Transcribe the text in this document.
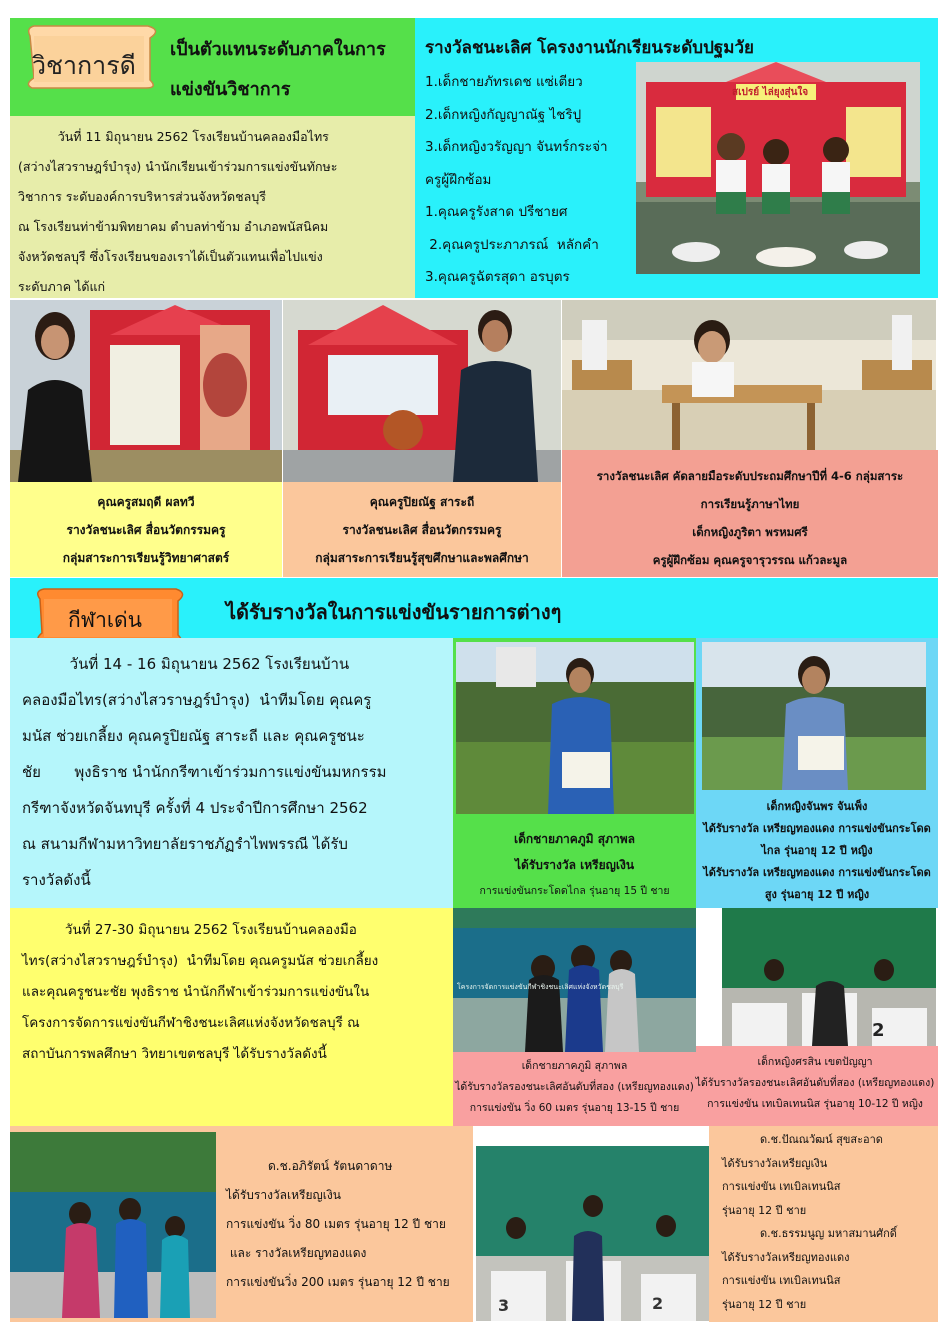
วิชาการดี
เป็นตัวแทนระดับภาคในการ
แข่งขันวิชาการ
วันที่ 11 มิถุนายน 2562 โรงเรียนบ้านคลองมือไทร
(สว่างไสวราษฎร์บำรุง) นำนักเรียนเข้าร่วมการแข่งขันทักษะ
วิชาการ ระดับองค์การบริหารส่วนจังหวัดชลบุรี
ณ โรงเรียนท่าข้ามพิทยาคม ตำบลท่าข้าม อำเภอพนัสนิคม
จังหวัดชลบุรี ซึ่งโรงเรียนของเราได้เป็นตัวแทนเพื่อไปแข่ง
ระดับภาค ได้แก่
รางวัลชนะเลิศ โครงงานนักเรียนระดับปฐมวัย
1.เด็กชายภัทรเดช แซ่เตียว
2.เด็กหญิงกัญญาณัฐ ไชริปู
3.เด็กหญิงวรัญญา จันทร์กระจ่า
ครูผู้ฝึกซ้อม
1.คุณครูรังสาด ปรีชายศ
2.คุณครูประภาภรณ์  หลักคำ
3.คุณครูฉัตรสุดา อรบุตร
สเปรย์ ไล่ยุงสุ่นใจ
คุณครูสมฤดี ผลทวี
รางวัลชนะเลิศ สื่อนวัตกรรมครู
กลุ่มสาระการเรียนรู้วิทยาศาสตร์
คุณครูปิยณัฐ สาระถี
รางวัลชนะเลิศ สื่อนวัตกรรมครู
กลุ่มสาระการเรียนรู้สุขศึกษาและพลศึกษา
รางวัลชนะเลิศ คัดลายมือระดับประถมศึกษาปีที่ 4-6 กลุ่มสาระ
การเรียนรู้ภาษาไทย
เด็กหญิงภูริตา พรหมศรี
ครูผู้ฝึกซ้อม คุณครูจารุวรรณ แก้วละมูล
กีฬาเด่น	ได้รับรางวัลในการแข่งขันรายการต่างๆ
วันที่ 14 - 16 มิถุนายน 2562 โรงเรียนบ้าน
คลองมือไทร(สว่างไสวราษฎร์บำรุง)  นำทีมโดย คุณครู
มนัส ช่วยเกลี้ยง คุณครูปิยณัฐ สาระถี และ คุณครูชนะ
ชัย       พุงธิราช นำนักกรีฑาเข้าร่วมการแข่งขันมหกรรม
กรีฑาจังหวัดจันทบุรี ครั้งที่ 4 ประจำปีการศึกษา 2562
ณ สนามกีฬามหาวิทยาลัยราชภัฏรำไพพรรณี ได้รับ
รางวัลดังนี้
เด็กชายภาคภูมิ สุภาพล
ได้รับรางวัล เหรียญเงิน
การแข่งขันกระโดดไกล รุ่นอายุ 15 ปี ชาย
เด็กหญิงจันพร จันเพ็ง
ได้รับรางวัล เหรียญทองแดง การแข่งขันกระโดด
ไกล รุ่นอายุ 12 ปี หญิง
ได้รับรางวัล เหรียญทองแดง การแข่งขันกระโดด
สูง รุ่นอายุ 12 ปี หญิง
วันที่ 27-30 มิถุนายน 2562 โรงเรียนบ้านคลองมือ
ไทร(สว่างไสวราษฎร์บำรุง)  นำทีมโดย คุณครูมนัส ช่วยเกลี้ยง
และคุณครูชนะชัย พุงธิราช นำนักกีฬาเข้าร่วมการแข่งขันใน
โครงการจัดการแข่งขันกีฬาชิงชนะเลิศแห่งจังหวัดชลบุรี ณ
สถาบันการพลศึกษา วิทยาเขตชลบุรี ได้รับรางวัลดังนี้
โครงการจัดการแข่งขันกีฬาชิงชนะเลิศแห่งจังหวัดชลบุรี
เด็กชายภาคภูมิ สุภาพล
ได้รับรางวัลรองชนะเลิศอันดับที่สอง (เหรียญทองแดง)
การแข่งขัน วิ่ง 60 เมตร รุ่นอายุ 13-15 ปี ชาย
2
เด็กหญิงศรสิน เขตปัญญา
ได้รับรางวัลรองชนะเลิศอันดับที่สอง (เหรียญทองแดง)
การแข่งขัน เทเบิลเทนนิส รุ่นอายุ 10-12 ปี หญิง
ด.ช.อภิรัตน์ รัตนดาดาษ
ได้รับรางวัลเหรียญเงิน
การแข่งขัน วิ่ง 80 เมตร รุ่นอายุ 12 ปี ชาย
และ รางวัลเหรียญทองแดง
การแข่งขันวิ่ง 200 เมตร รุ่นอายุ 12 ปี ชาย
3	2
ด.ช.ปัณณวัฒน์ สุขสะอาด
ได้รับรางวัลเหรียญเงิน
การแข่งขัน เทเบิลเทนนิส
รุ่นอายุ 12 ปี ชาย
ด.ช.ธรรมนูญ มหาสมานศักดิ์
ได้รับรางวัลเหรียญทองแดง
การแข่งขัน เทเบิลเทนนิส
รุ่นอายุ 12 ปี ชาย
